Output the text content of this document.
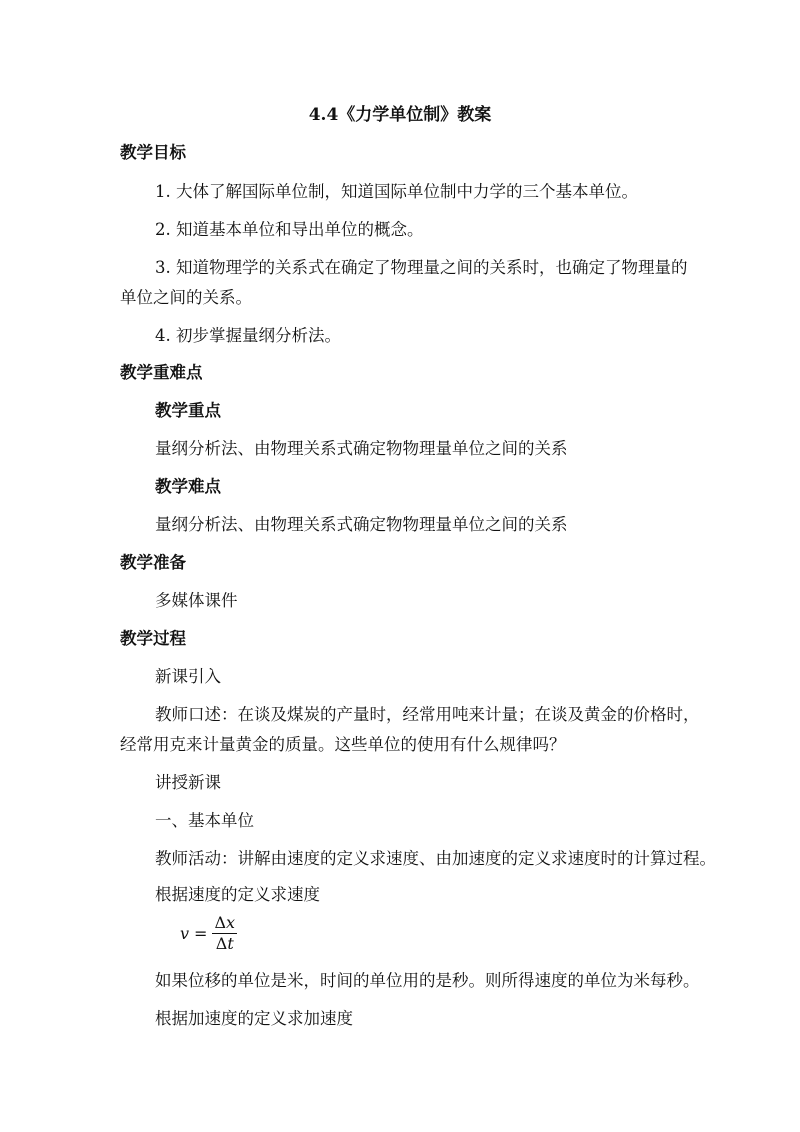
4.4《力学单位制》教案
教学目标
1. 大体了解国际单位制，知道国际单位制中力学的三个基本单位。
2. 知道基本单位和导出单位的概念。
3. 知道物理学的关系式在确定了物理量之间的关系时，也确定了物理量的
单位之间的关系。
4. 初步掌握量纲分析法。
教学重难点
教学重点
量纲分析法、由物理关系式确定物物理量单位之间的关系
教学难点
量纲分析法、由物理关系式确定物物理量单位之间的关系
教学准备
多媒体课件
教学过程
新课引入
教师口述：在谈及煤炭的产量时，经常用吨来计量；在谈及黄金的价格时，
经常用克来计量黄金的质量。这些单位的使用有什么规律吗？
讲授新课
一、基本单位
教师活动：讲解由速度的定义求速度、由加速度的定义求速度时的计算过程。
根据速度的定义求速度
$v = \frac{\Delta x}{\Delta t}$
如果位移的单位是米，时间的单位用的是秒。则所得速度的单位为米每秒。
根据加速度的定义求加速度
